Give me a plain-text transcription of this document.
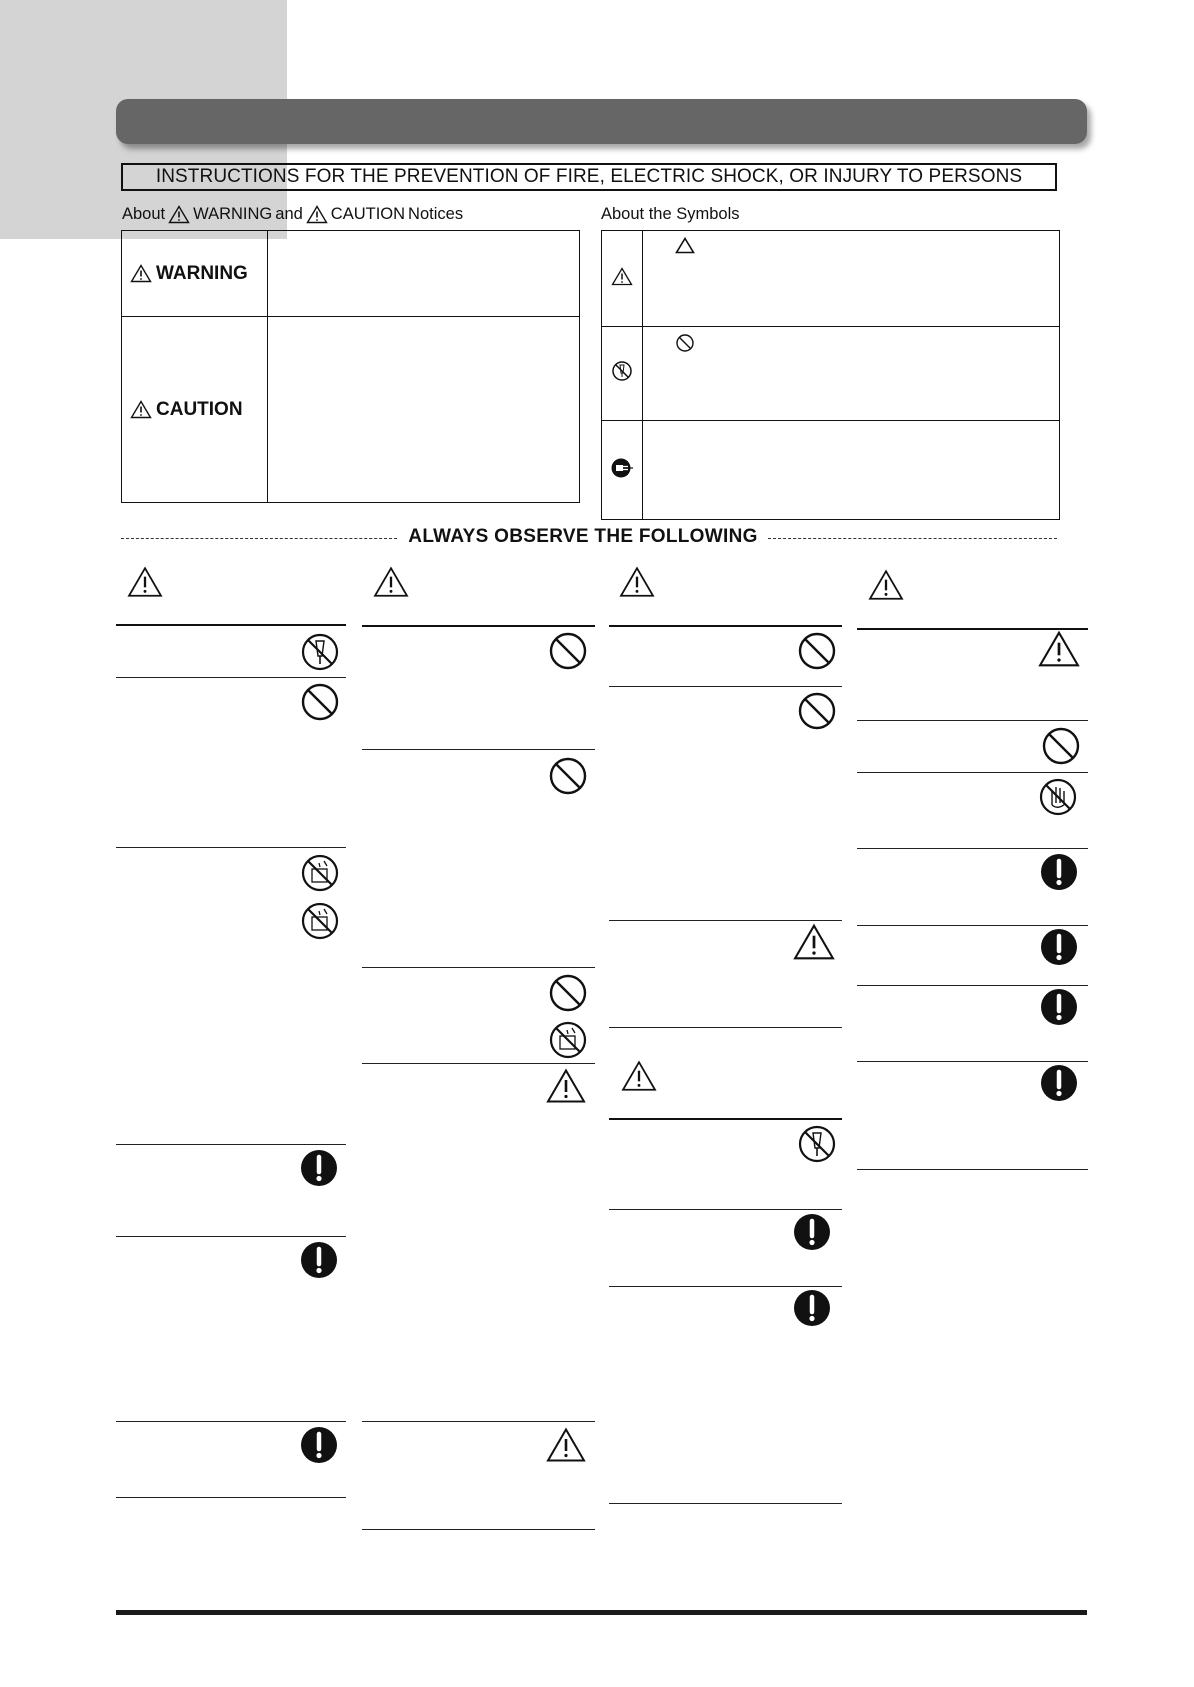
INSTRUCTIONS FOR THE PREVENTION OF FIRE, ELECTRIC SHOCK, OR INJURY TO PERSONS
About WARNING and CAUTION Notices	About the Symbols
WARNING	

CAUTION	

ALWAYS OBSERVE THE FOLLOWING
